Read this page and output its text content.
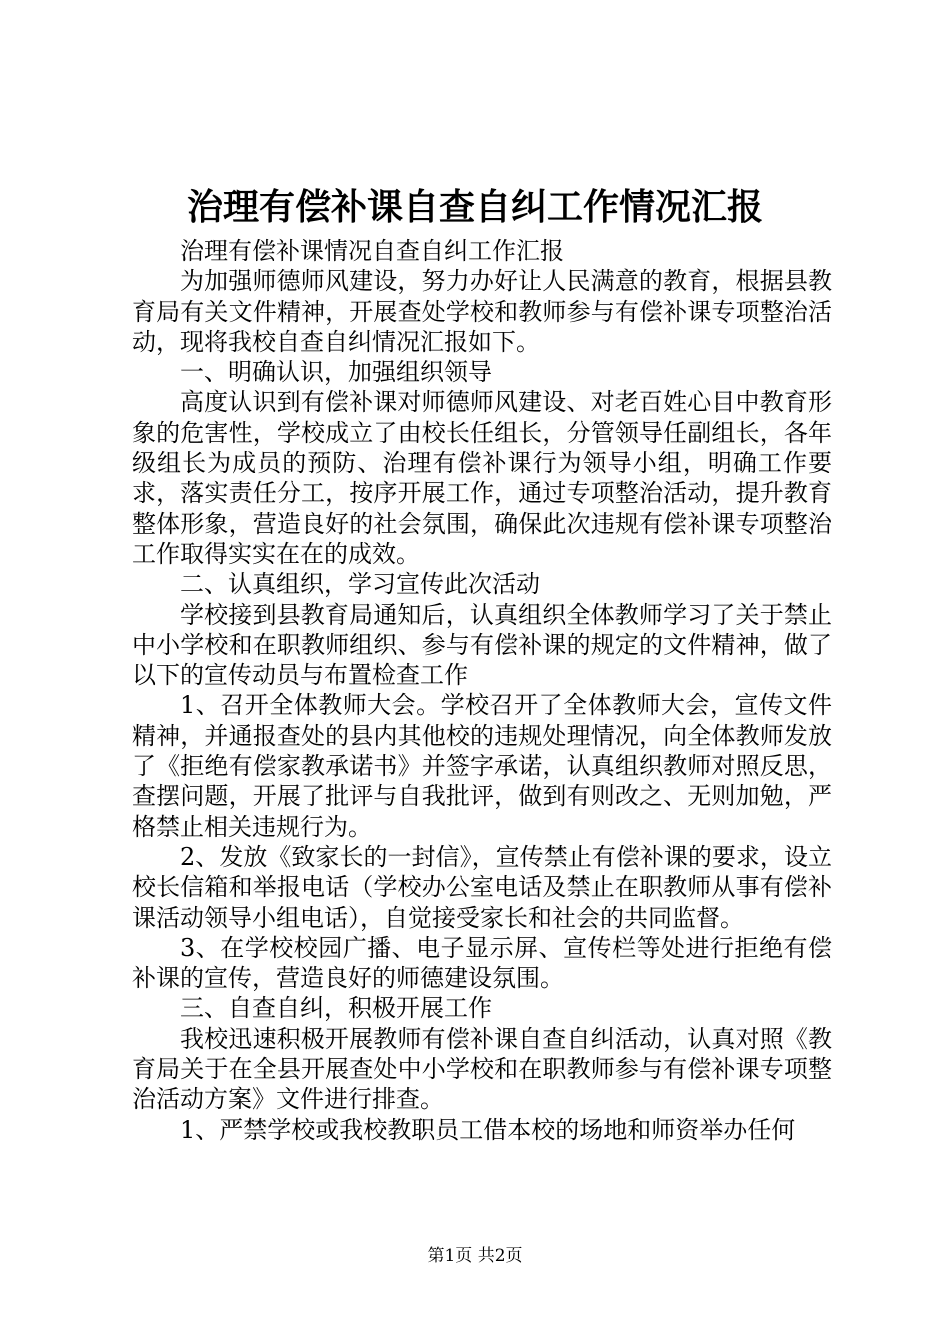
治理有偿补课自查自纠工作情况汇报

治理有偿补课情况自查自纠工作汇报

为加强师德师风建设，努力办好让人民满意的教育，根据县教育局有关文件精神，开展查处学校和教师参与有偿补课专项整治活动，现将我校自查自纠情况汇报如下。

一、明确认识，加强组织领导

高度认识到有偿补课对师德师风建设、对老百姓心目中教育形象的危害性，学校成立了由校长任组长，分管领导任副组长，各年级组长为成员的预防、治理有偿补课行为领导小组，明确工作要求，落实责任分工，按序开展工作，通过专项整治活动，提升教育整体形象，营造良好的社会氛围，确保此次违规有偿补课专项整治工作取得实实在在的成效。

二、认真组织，学习宣传此次活动

学校接到县教育局通知后，认真组织全体教师学习了关于禁止中小学校和在职教师组织、参与有偿补课的规定的文件精神，做了以下的宣传动员与布置检查工作

1、召开全体教师大会。学校召开了全体教师大会，宣传文件精神，并通报查处的县内其他校的违规处理情况，向全体教师发放了《拒绝有偿家教承诺书》并签字承诺，认真组织教师对照反思，查摆问题，开展了批评与自我批评，做到有则改之、无则加勉，严格禁止相关违规行为。

2、发放《致家长的一封信》，宣传禁止有偿补课的要求，设立校长信箱和举报电话（学校办公室电话及禁止在职教师从事有偿补课活动领导小组电话），自觉接受家长和社会的共同监督。

3、在学校校园广播、电子显示屏、宣传栏等处进行拒绝有偿补课的宣传，营造良好的师德建设氛围。

三、自查自纠，积极开展工作

我校迅速积极开展教师有偿补课自查自纠活动，认真对照《教育局关于在全县开展查处中小学校和在职教师参与有偿补课专项整治活动方案》文件进行排查。

1、严禁学校或我校教职员工借本校的场地和师资举办任何

第1页 共2页
